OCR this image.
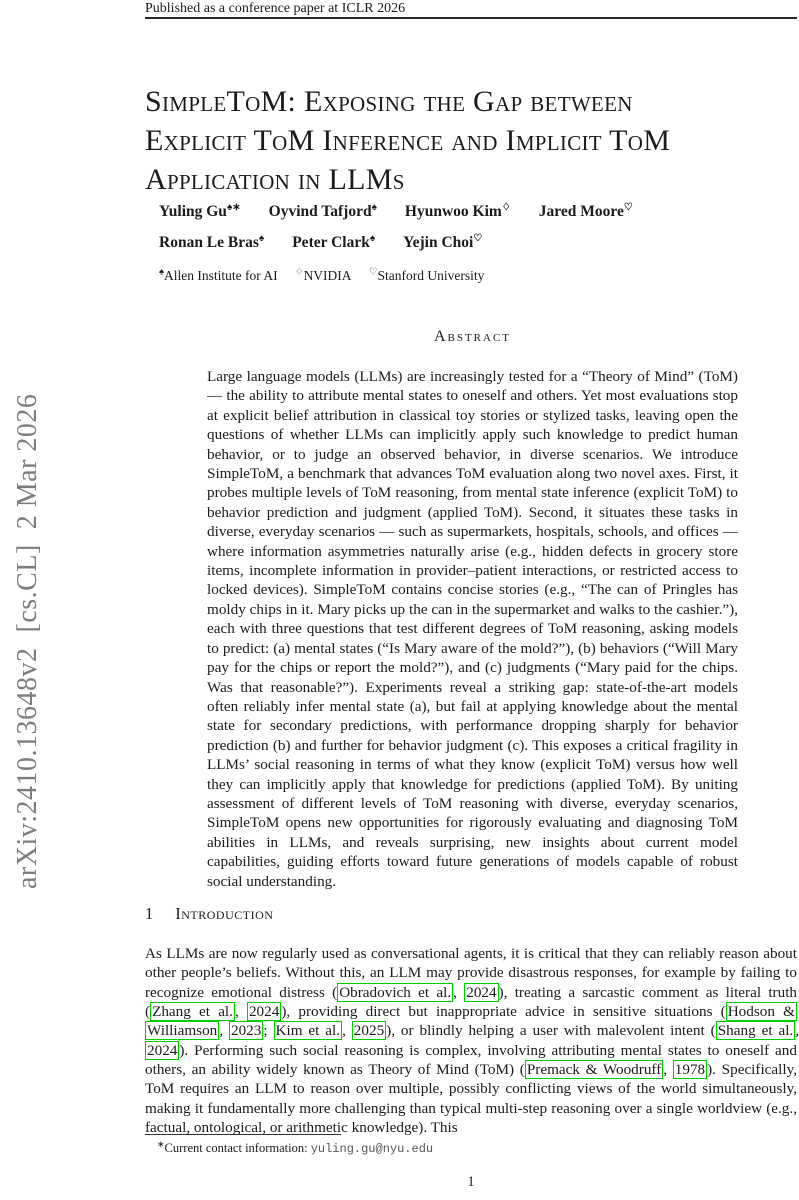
Published as a conference paper at ICLR 2026
arXiv:2410.13648v2  [cs.CL]  2 Mar 2026
SimpleToM: Exposing the Gap between
Explicit ToM Inference and Implicit ToM
Application in LLMs
Yuling Gu♠∗ Oyvind Tafjord♠ Hyunwoo Kim♢ Jared Moore♡
Ronan Le Bras♠ Peter Clark♠ Yejin Choi♡
♠Allen Institute for AI ♢NVIDIA ♡Stanford University
Abstract
Large language models (LLMs) are increasingly tested for a “Theory of Mind” (ToM) — the ability to attribute mental states to oneself and others. Yet most evaluations stop at explicit belief attribution in classical toy stories or stylized tasks, leaving open the questions of whether LLMs can implicitly apply such knowledge to predict human behavior, or to judge an observed behavior, in diverse scenarios. We introduce SimpleToM, a benchmark that advances ToM evaluation along two novel axes. First, it probes multiple levels of ToM reasoning, from mental state inference (explicit ToM) to behavior prediction and judgment (applied ToM). Second, it situates these tasks in diverse, everyday scenarios — such as supermarkets, hospitals, schools, and offices — where information asymmetries naturally arise (e.g., hidden defects in grocery store items, incomplete information in provider–patient interactions, or restricted access to locked devices). SimpleToM contains concise stories (e.g., “The can of Pringles has moldy chips in it. Mary picks up the can in the supermarket and walks to the cashier.”), each with three questions that test different degrees of ToM reasoning, asking models to predict: (a) mental states (“Is Mary aware of the mold?”), (b) behaviors (“Will Mary pay for the chips or report the mold?”), and (c) judgments (“Mary paid for the chips. Was that reasonable?”). Experiments reveal a striking gap: state-of-the-art models often reliably infer mental state (a), but fail at applying knowledge about the mental state for secondary predictions, with performance dropping sharply for behavior prediction (b) and further for behavior judgment (c). This exposes a critical fragility in LLMs’ social reasoning in terms of what they know (explicit ToM) versus how well they can implicitly apply that knowledge for predictions (applied ToM). By uniting assessment of different levels of ToM reasoning with diverse, everyday scenarios, SimpleToM opens new opportunities for rigorously evaluating and diagnosing ToM abilities in LLMs, and reveals surprising, new insights about current model capabilities, guiding efforts toward future generations of models capable of robust social understanding.
1 Introduction
As LLMs are now regularly used as conversational agents, it is critical that they can reliably reason about other people’s beliefs. Without this, an LLM may provide disastrous responses, for example by failing to recognize emotional distress ( Obradovich et al. , 2024 ), treating a sarcastic comment as literal truth ( Zhang et al. , 2024 ), providing direct but inappropriate advice in sensitive situations ( Hodson & Williamson , 2023 ; Kim et al. , 2025 ), or blindly helping a user with malevolent intent ( Shang et al. , 2024 ). Performing such social reasoning is complex, involving attributing mental states to oneself and others, an ability widely known as Theory of Mind (ToM) ( Premack & Woodruff , 1978 ). Specifically, ToM requires an LLM to reason over multiple, possibly conflicting views of the world simultaneously, making it fundamentally more challenging than typical multi-step reasoning over a single worldview (e.g., factual, ontological, or arithmetic knowledge). This
∗Current contact information: yuling.gu@nyu.edu
1
